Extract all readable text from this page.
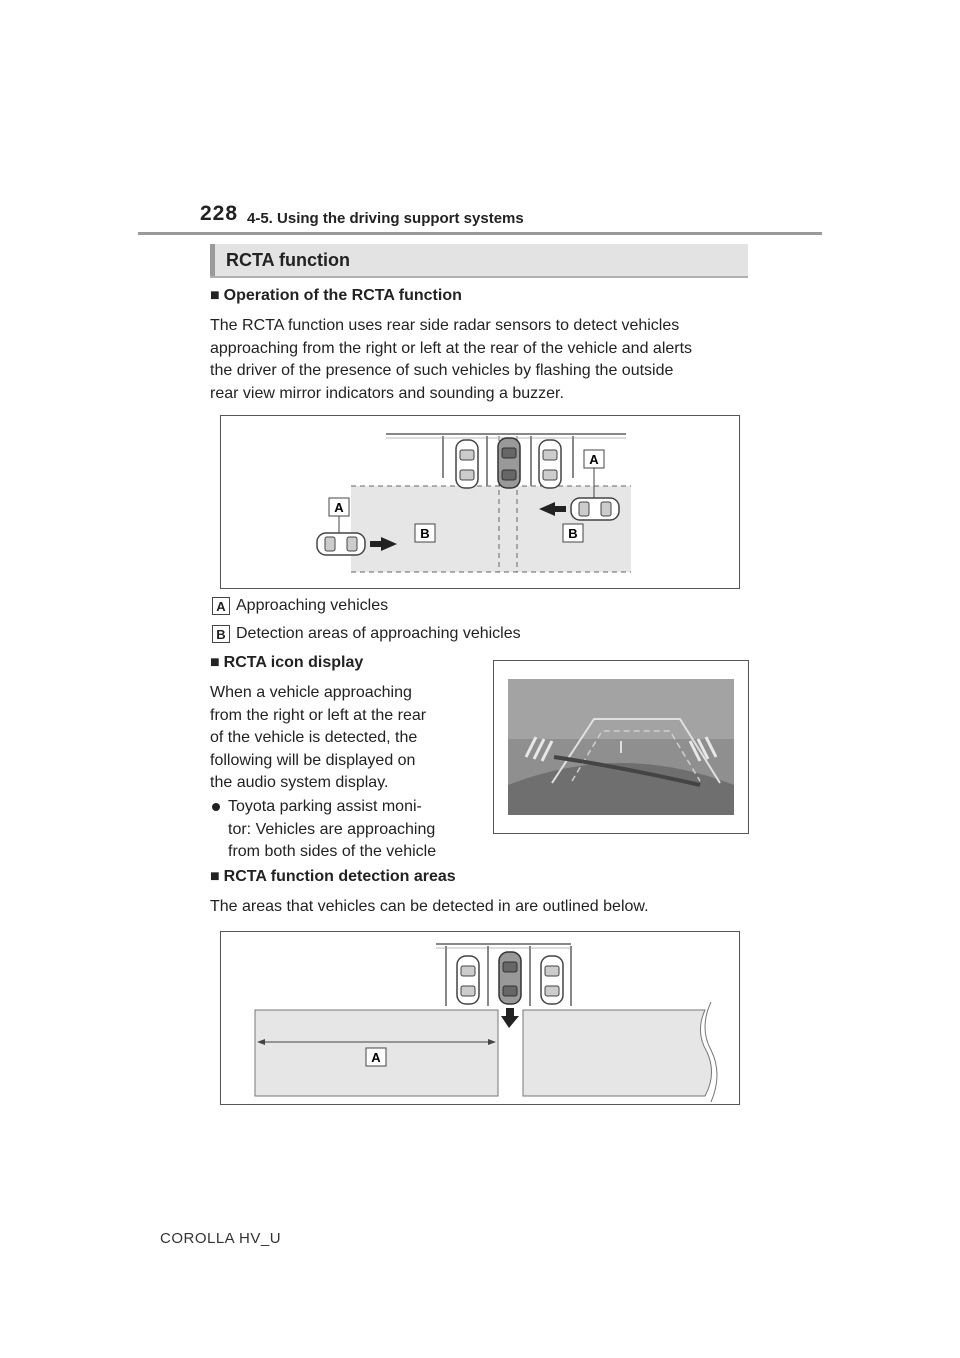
228 4-5. Using the driving support systems
RCTA function
■ Operation of the RCTA function
The RCTA function uses rear side radar sensors to detect vehicles
approaching from the right or left at the rear of the vehicle and alerts
the driver of the presence of such vehicles by flashing the outside
rear view mirror indicators and sounding a buzzer.
A
A
B	B
A Approaching vehicles
B Detection areas of approaching vehicles
■ RCTA icon display
When a vehicle approaching
from the right or left at the rear
of the vehicle is detected, the
following will be displayed on
the audio system display.
Toyota parking assist moni-
tor: Vehicles are approaching
from both sides of the vehicle
■ RCTA function detection areas
The areas that vehicles can be detected in are outlined below.
A
COROLLA HV_U
